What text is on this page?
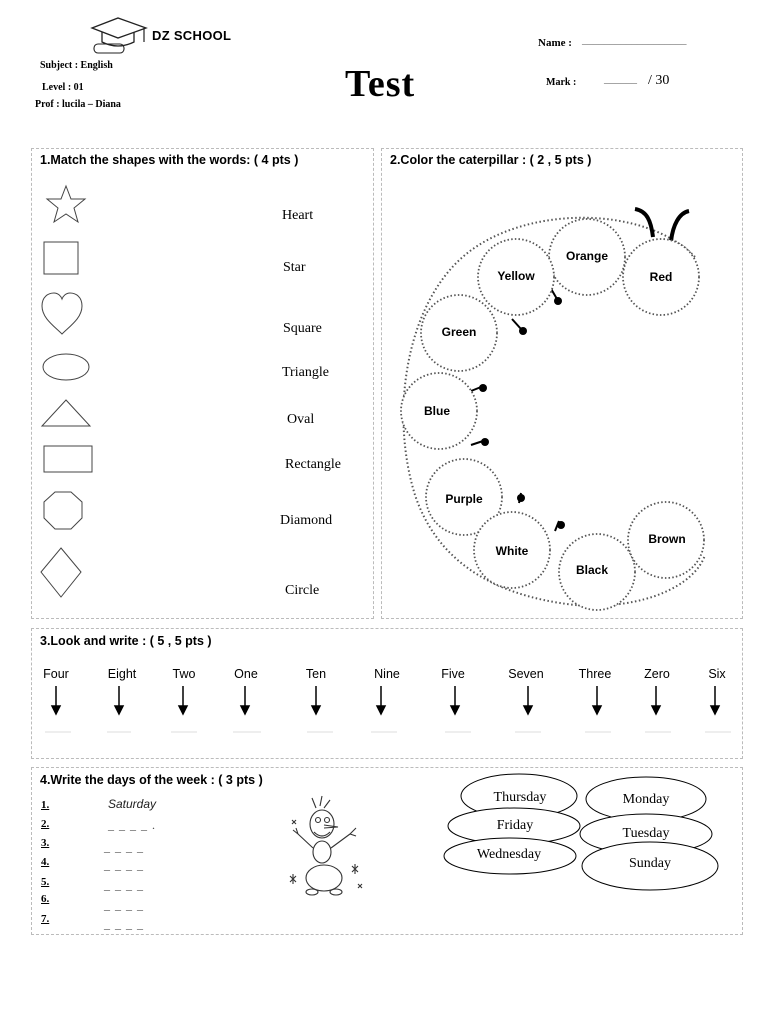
DZ SCHOOL
Subject : English
Level : 01
Prof : lucila – Diana	Test
Name : ___________________
Mark :	______ / 30
1.Match the shapes with the words: ( 4 pts )
Heart
Star
Square
Triangle
Oval
Rectangle
Diamond
Circle
2.Color the caterpillar : ( 2 , 5 pts )
Red
Orange
Yellow
Green
Blue
Purple
White
Black
Brown
3.Look and write : ( 5 , 5 pts )
Four	Eight	Two	One	Ten	Nine	Five	Seven	Three	Zero	Six
4.Write the days of the week : ( 3 pts )
1.
2.
3.
4.
5.
6.
7.
Saturday
_ _ _ _ .
_ _ _ _
_ _ _ _
_ _ _ _
_ _ _ _
_ _ _ _
Thursday	Monday
Friday
Tuesday
Wednesday
Sunday
